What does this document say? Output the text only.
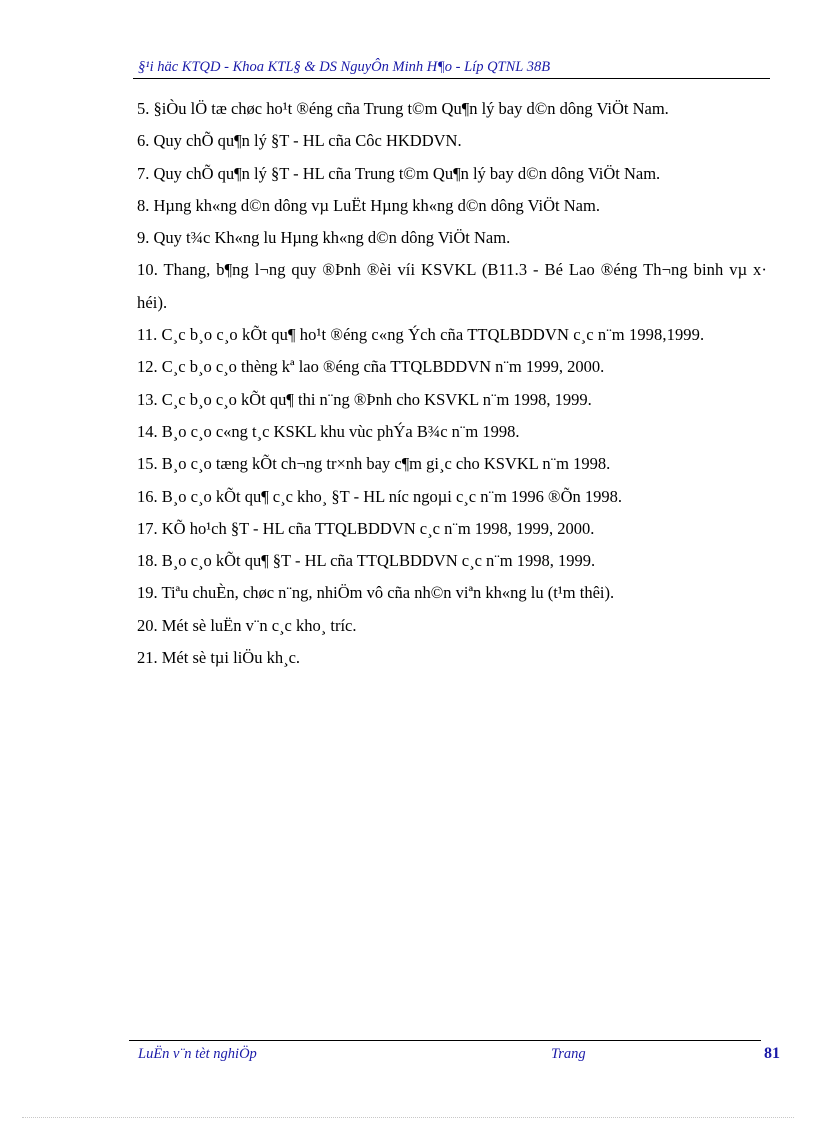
§¹i häc KTQD - Khoa KTL§ & DS NguyÔn Minh H¶o - Líp QTNL 38B
5. §iÒu lÖ tæ chøc ho¹t ®éng cña Trung t©m Qu¶n lý bay d©n dông ViÖt Nam.
6. Quy chÕ qu¶n lý §T - HL cña Côc HKDDVN.
7. Quy chÕ qu¶n lý §T - HL cña Trung t©m Qu¶n lý bay d©n dông ViÖt Nam.
8. Hµng kh«ng d©n dông vµ LuËt Hµng kh«ng d©n dông ViÖt Nam.
9. Quy t¾c Kh«ng lu Hµng kh«ng d©n dông ViÖt Nam.
10. Thang, b¶ng l¬ng quy ®Þnh ®èi víi KSVKL (B11.3 - Bé Lao ®éng Th¬ng binh vµ x· héi).
11. C¸c b¸o c¸o kÕt qu¶ ho¹t ®éng c«ng Ých cña TTQLBDDVN c¸c n¨m 1998,1999.
12. C¸c b¸o c¸o thèng kª lao ®éng cña TTQLBDDVN n¨m 1999, 2000.
13. C¸c b¸o c¸o kÕt qu¶ thi n¨ng ®Þnh cho KSVKL n¨m 1998, 1999.
14. B¸o c¸o c«ng t¸c KSKL khu vùc phÝa B¾c n¨m 1998.
15. B¸o c¸o tæng kÕt ch¬ng tr×nh bay c¶m gi¸c cho KSVKL n¨m 1998.
16. B¸o c¸o kÕt qu¶ c¸c kho¸ §T - HL níc ngoµi c¸c n¨m 1996 ®Õn 1998.
17. KÕ ho¹ch §T - HL cña TTQLBDDVN c¸c n¨m 1998, 1999, 2000.
18. B¸o c¸o kÕt qu¶ §T - HL cña TTQLBDDVN c¸c n¨m 1998, 1999.
19. Tiªu chuÈn, chøc n¨ng, nhiÖm vô cña nh©n viªn kh«ng lu (t¹m thêi).
20. Mét sè luËn v¨n c¸c kho¸ tríc.
21. Mét sè tµi liÖu kh¸c.
LuËn v¨n tèt nghiÖp	Trang	81
